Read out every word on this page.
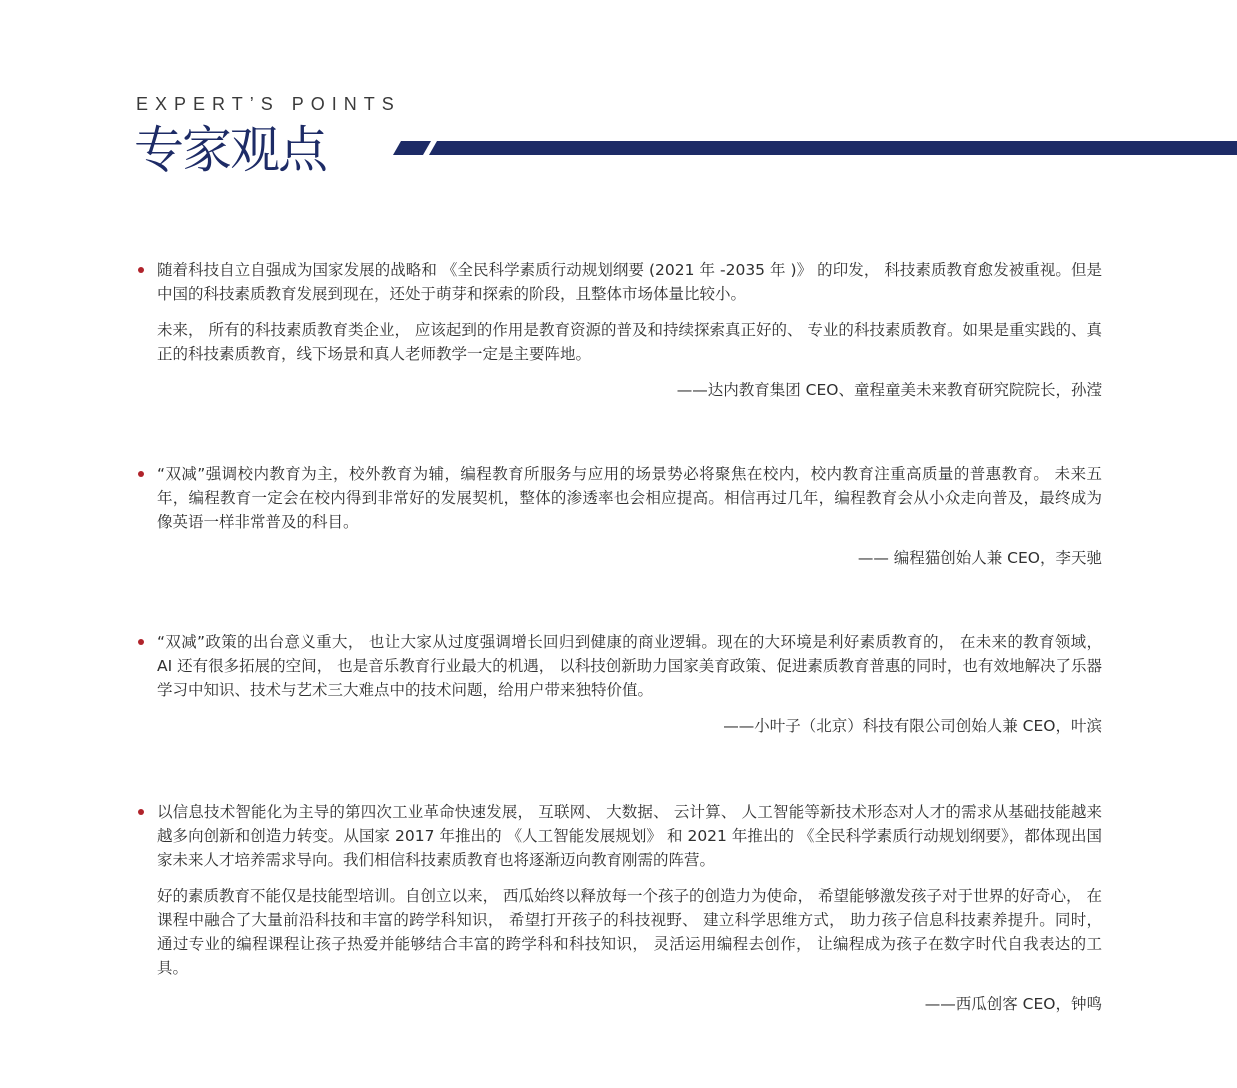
EXPERT’S POINTS
专家观点

随着科技自立自强成为国家发展的战略和 《全民科学素质行动规划纲要 (2021 年 -2035 年 )》 的印发， 科技素质教育愈发被重视。但是中国的科技素质教育发展到现在，还处于萌芽和探索的阶段，且整体市场体量比较小。

未来， 所有的科技素质教育类企业， 应该起到的作用是教育资源的普及和持续探索真正好的、 专业的科技素质教育。如果是重实践的、真正的科技素质教育，线下场景和真人老师教学一定是主要阵地。

——达内教育集团 CEO、童程童美未来教育研究院院长，孙滢

“双减”强调校内教育为主，校外教育为辅，编程教育所服务与应用的场景势必将聚焦在校内，校内教育注重高质量的普惠教育。 未来五年，编程教育一定会在校内得到非常好的发展契机，整体的渗透率也会相应提高。相信再过几年，编程教育会从小众走向普及，最终成为像英语一样非常普及的科目。

—— 编程猫创始人兼 CEO，李天驰

“双减”政策的出台意义重大， 也让大家从过度强调增长回归到健康的商业逻辑。现在的大环境是利好素质教育的， 在未来的教育领域， AI 还有很多拓展的空间， 也是音乐教育行业最大的机遇， 以科技创新助力国家美育政策、促进素质教育普惠的同时，也有效地解决了乐器学习中知识、技术与艺术三大难点中的技术问题，给用户带来独特价值。

——小叶子（北京）科技有限公司创始人兼 CEO，叶滨

以信息技术智能化为主导的第四次工业革命快速发展， 互联网、 大数据、 云计算、 人工智能等新技术形态对人才的需求从基础技能越来越多向创新和创造力转变。从国家 2017 年推出的 《人工智能发展规划》 和 2021 年推出的 《全民科学素质行动规划纲要》，都体现出国家未来人才培养需求导向。我们相信科技素质教育也将逐渐迈向教育刚需的阵营。

好的素质教育不能仅是技能型培训。自创立以来， 西瓜始终以释放每一个孩子的创造力为使命， 希望能够激发孩子对于世界的好奇心， 在课程中融合了大量前沿科技和丰富的跨学科知识， 希望打开孩子的科技视野、 建立科学思维方式， 助力孩子信息科技素养提升。同时， 通过专业的编程课程让孩子热爱并能够结合丰富的跨学科和科技知识， 灵活运用编程去创作， 让编程成为孩子在数字时代自我表达的工具。

——西瓜创客 CEO，钟鸣
